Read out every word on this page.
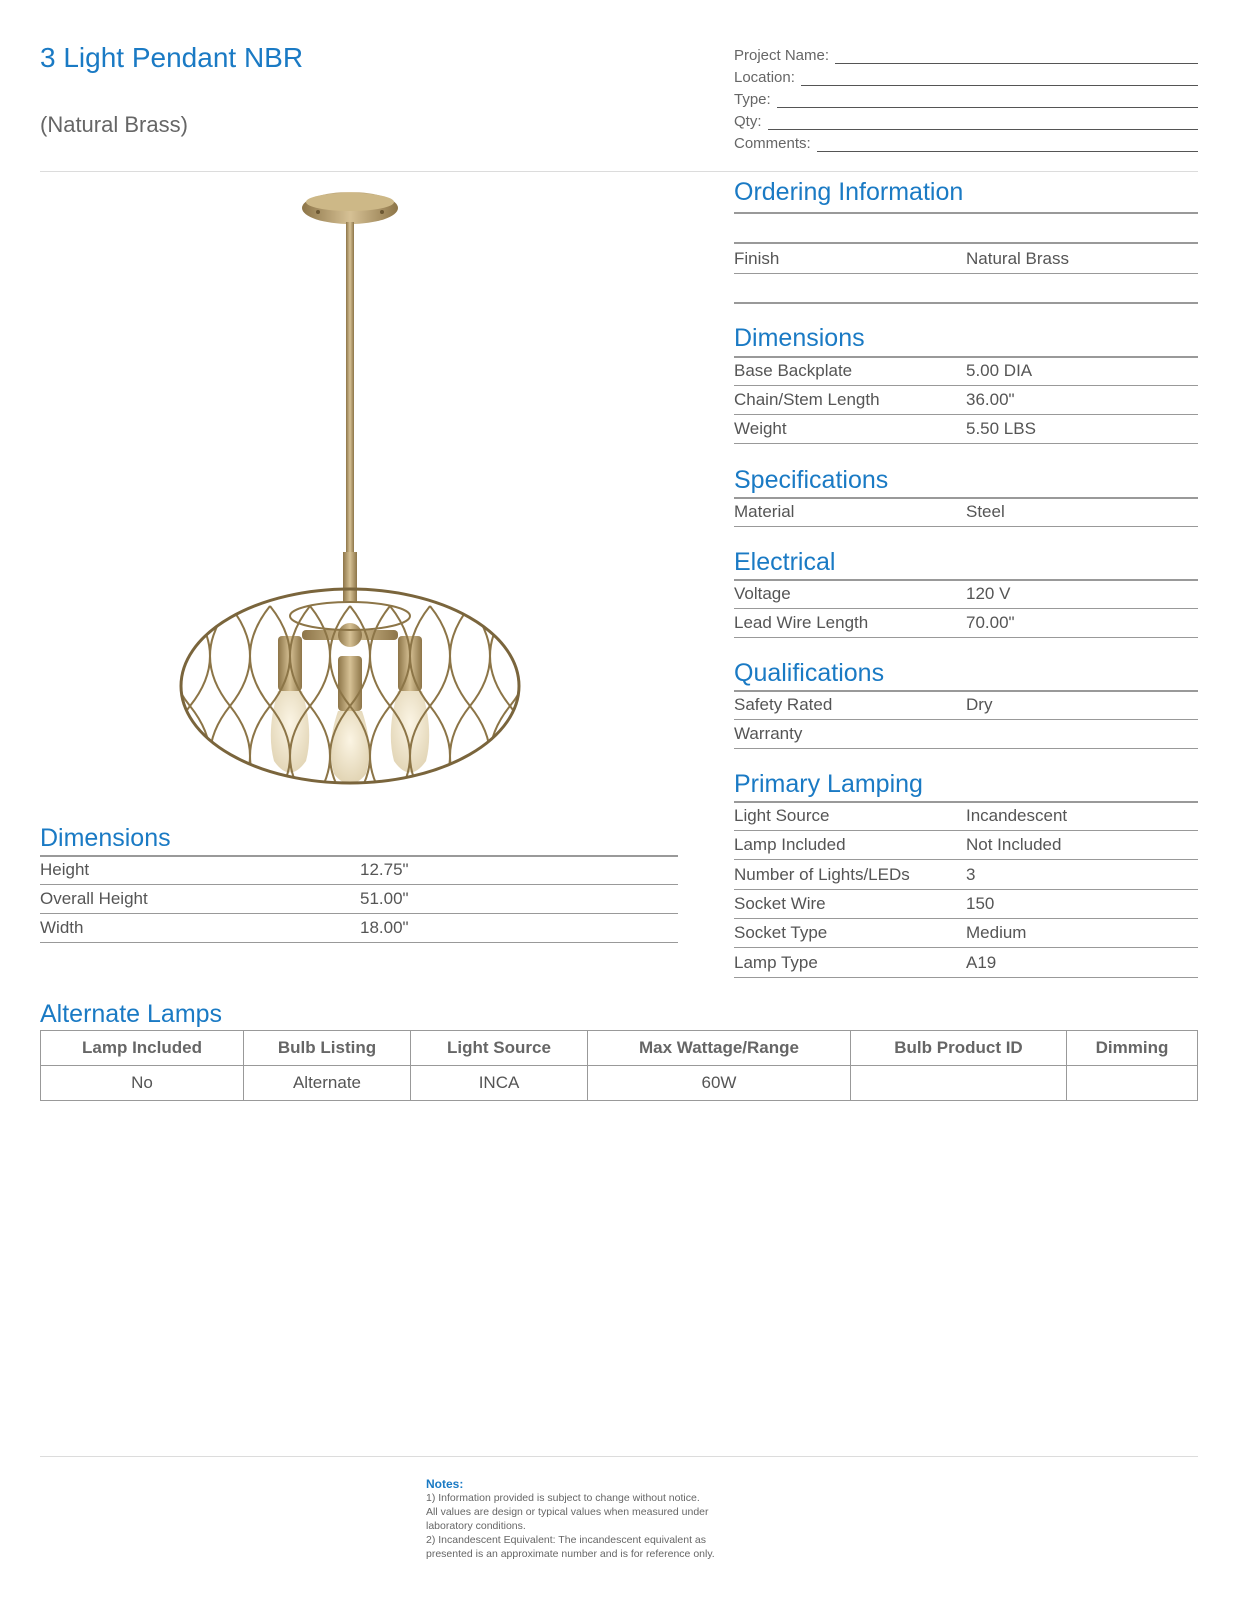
3 Light Pendant NBR
(Natural Brass)
Project Name:
Location:
Type:
Qty:
Comments:
Ordering Information
Finish	Natural Brass
Dimensions
Base Backplate	5.00 DIA
Chain/Stem Length	36.00"
Weight	5.50 LBS
Specifications
Material	Steel
Electrical
Voltage	120 V
Lead Wire Length	70.00"
Qualifications
Safety Rated	Dry
Warranty
Primary Lamping
Light Source	Incandescent
Lamp Included	Not Included
Number of Lights/LEDs	3
Socket Wire	150
Socket Type	Medium
Lamp Type	A19
Dimensions
Height	12.75"
Overall Height	51.00"
Width	18.00"
Alternate Lamps
Lamp Included	Bulb Listing	Light Source	Max Wattage/Range	Bulb Product ID	Dimming
No	Alternate	INCA	60W		
Notes:
1) Information provided is subject to change without notice.
All values are design or typical values when measured under
laboratory conditions.
2) Incandescent Equivalent: The incandescent equivalent as
presented is an approximate number and is for reference only.
